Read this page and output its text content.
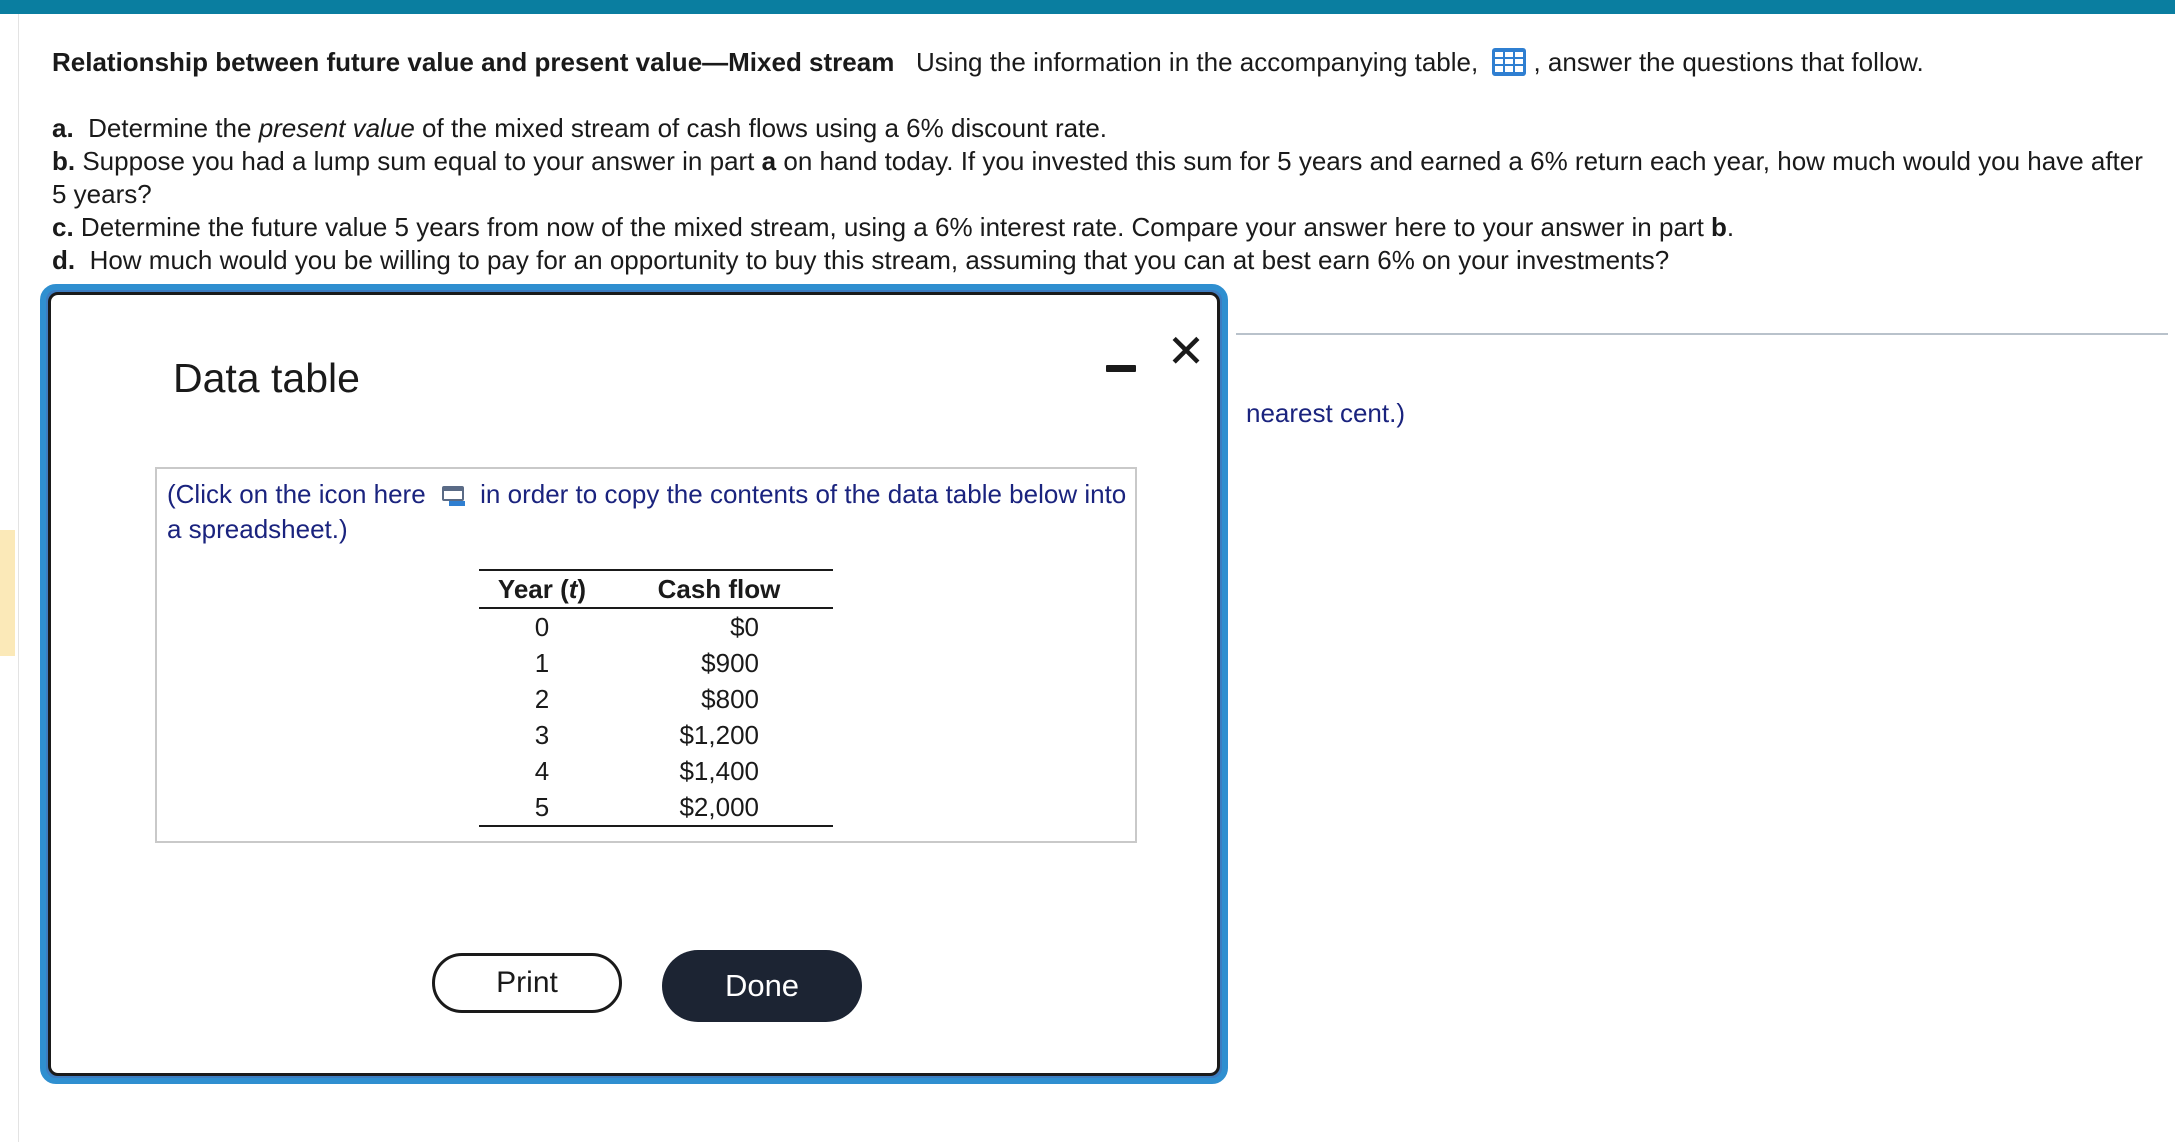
Relationship between future value and present value—Mixed stream Using the information in the accompanying table, , answer the questions that follow.

a. Determine the present value of the mixed stream of cash flows using a 6% discount rate.

b. Suppose you had a lump sum equal to your answer in part a on hand today. If you invested this sum for 5 years and earned a 6% return each year, how much would you have after 5 years?

c. Determine the future value 5 years from now of the mixed stream, using a 6% interest rate. Compare your answer here to your answer in part b.

d. How much would you be willing to pay for an opportunity to buy this stream, assuming that you can at best earn 6% on your investments?

nearest cent.)
Data table
✕
(Click on the icon here in order to copy the contents of the data table below into a spreadsheet.)
Year (t)	Cash flow
0	$0
1	$900
2	$800
3	$1,200
4	$1,400
5	$2,000
Print	Done
